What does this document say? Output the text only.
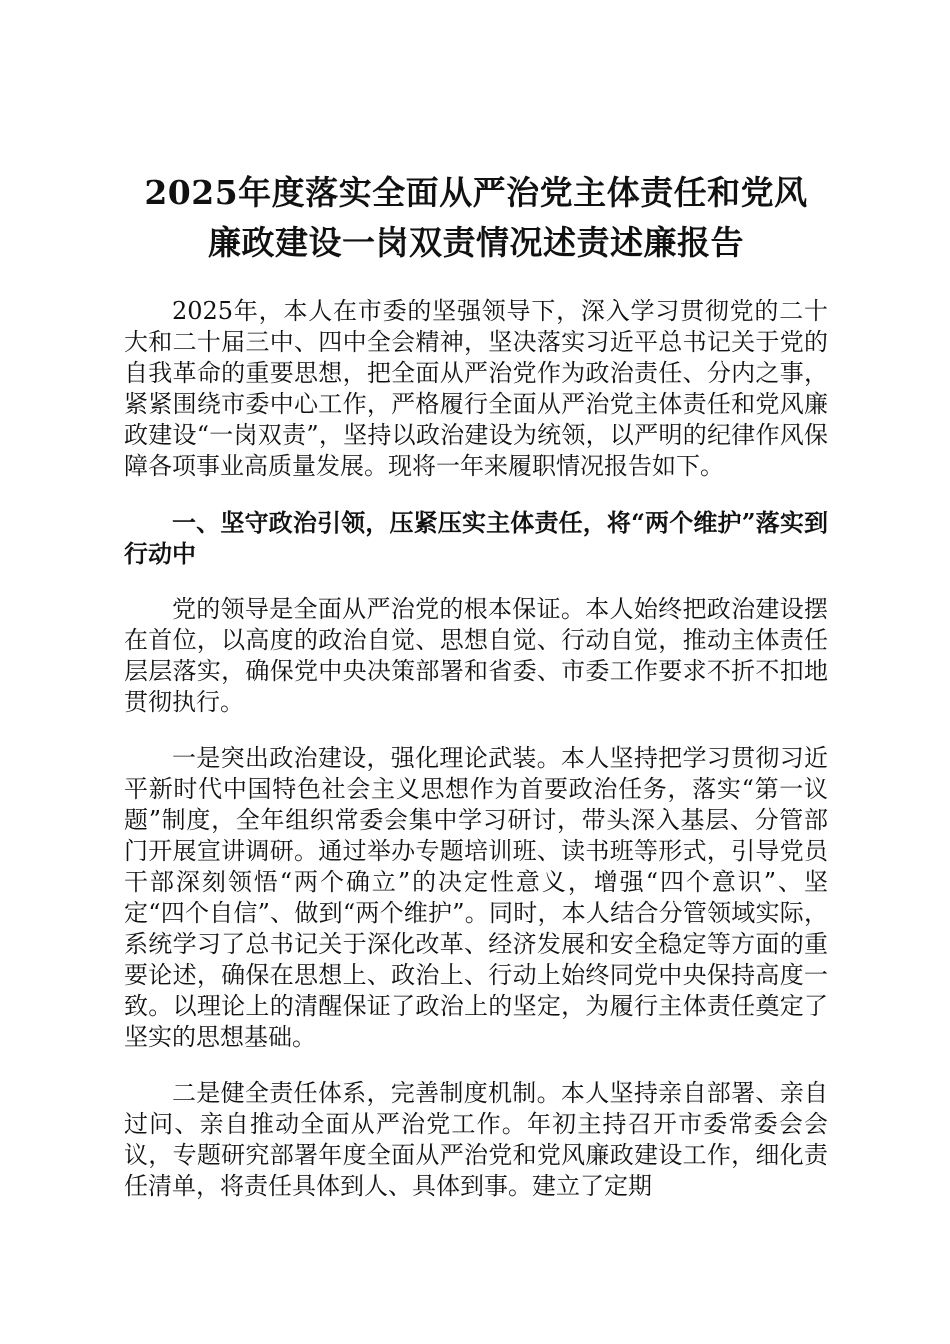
2025年度落实全面从严治党主体责任和党风
廉政建设一岗双责情况述责述廉报告

2025年，本人在市委的坚强领导下，深入学习贯彻党的二十大和二十届三中、四中全会精神，坚决落实习近平总书记关于党的自我革命的重要思想，把全面从严治党作为政治责任、分内之事，紧紧围绕市委中心工作，严格履行全面从严治党主体责任和党风廉政建设“一岗双责”，坚持以政治建设为统领，以严明的纪律作风保障各项事业高质量发展。现将一年来履职情况报告如下。

一、坚守政治引领，压紧压实主体责任，将“两个维护”落实到行动中

党的领导是全面从严治党的根本保证。本人始终把政治建设摆在首位，以高度的政治自觉、思想自觉、行动自觉，推动主体责任层层落实，确保党中央决策部署和省委、市委工作要求不折不扣地贯彻执行。

一是突出政治建设，强化理论武装。本人坚持把学习贯彻习近平新时代中国特色社会主义思想作为首要政治任务，落实“第一议题”制度，全年组织常委会集中学习研讨，带头深入基层、分管部门开展宣讲调研。通过举办专题培训班、读书班等形式，引导党员干部深刻领悟“两个确立”的决定性意义，增强“四个意识”、坚定“四个自信”、做到“两个维护”。同时，本人结合分管领域实际，系统学习了总书记关于深化改革、经济发展和安全稳定等方面的重要论述，确保在思想上、政治上、行动上始终同党中央保持高度一致。以理论上的清醒保证了政治上的坚定，为履行主体责任奠定了坚实的思想基础。

二是健全责任体系，完善制度机制。本人坚持亲自部署、亲自过问、亲自推动全面从严治党工作。年初主持召开市委常委会会议，专题研究部署年度全面从严治党和党风廉政建设工作，细化责任清单，将责任具体到人、具体到事。建立了定期
